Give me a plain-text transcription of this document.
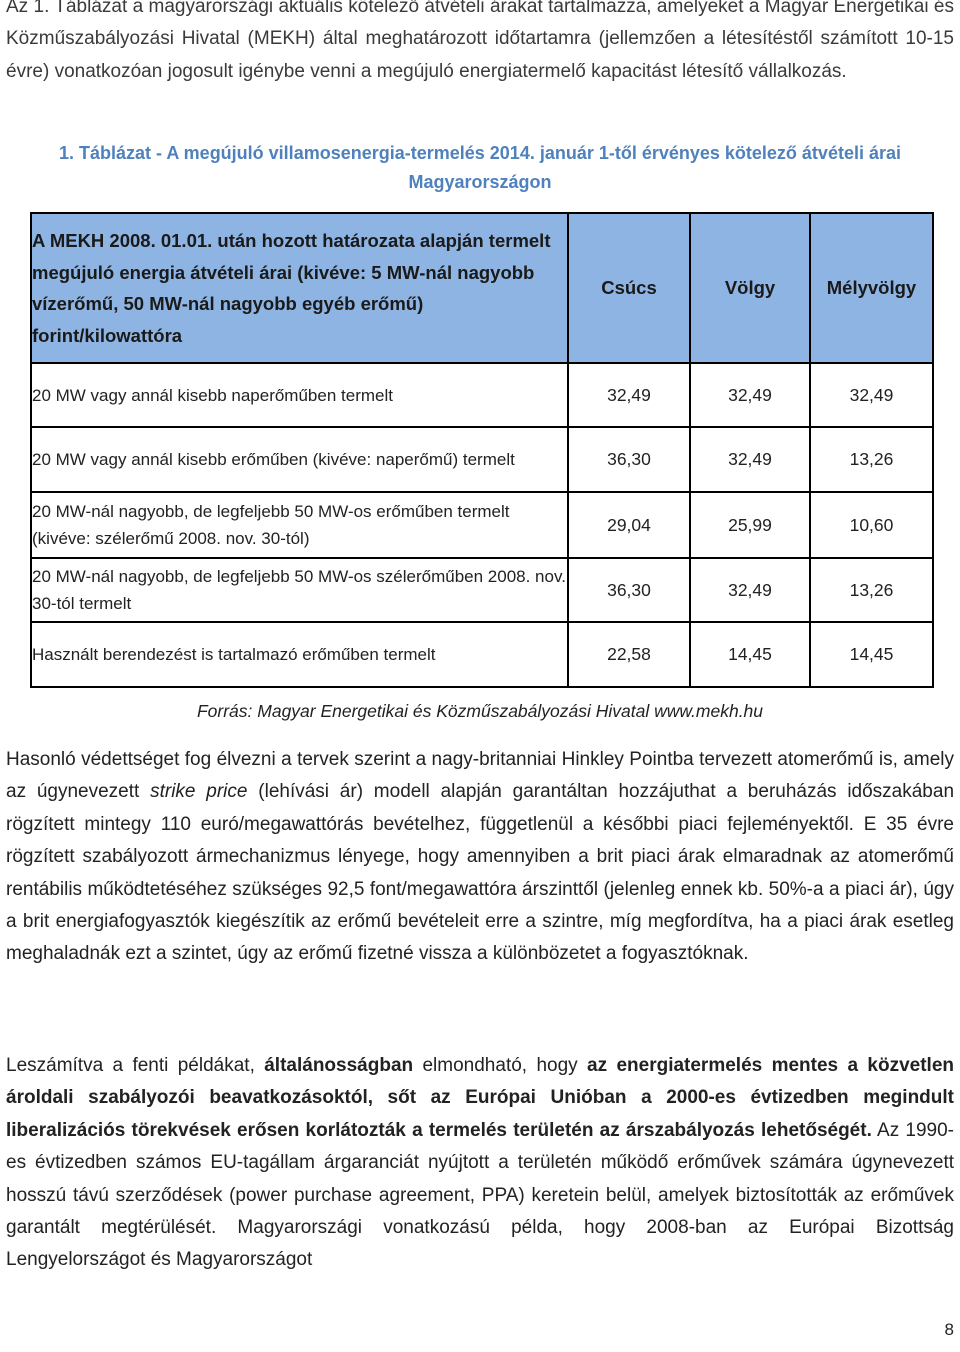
Az 1. Táblázat a magyarországi aktuális kötelező átvételi árakat tartalmazza, amelyeket a Magyar Energetikai és Közműszabályozási Hivatal (MEKH) által meghatározott időtartamra (jellemzően a létesítéstől számított 10-15 évre) vonatkozóan jogosult igénybe venni a megújuló energiatermelő kapacitást létesítő vállalkozás.

1. Táblázat - A megújuló villamosenergia-termelés 2014. január 1-től érvényes kötelező átvételi árai
Magyarországon
A MEKH 2008. 01.01. után hozott határozata alapján termelt megújuló energia átvételi árai (kivéve: 5 MW-nál nagyobb vízerőmű, 50 MW-nál nagyobb egyéb erőmű) forint/kilowattóra	Csúcs	Völgy	Mélyvölgy
20 MW vagy annál kisebb naperőműben termelt	32,49	32,49	32,49
20 MW vagy annál kisebb erőműben (kivéve: naperőmű) termelt	36,30	32,49	13,26
20 MW-nál nagyobb, de legfeljebb 50 MW-os erőműben termelt (kivéve: szélerőmű 2008. nov. 30-tól)	29,04	25,99	10,60
20 MW-nál nagyobb, de legfeljebb 50 MW-os szélerőműben 2008. nov. 30-tól termelt	36,30	32,49	13,26
Használt berendezést is tartalmazó erőműben termelt	22,58	14,45	14,45

Forrás: Magyar Energetikai és Közműszabályozási Hivatal www.mekh.hu

Hasonló védettséget fog élvezni a tervek szerint a nagy-britanniai Hinkley Pointba tervezett atomerőmű is, amely az úgynevezett strike price (lehívási ár) modell alapján garantáltan hozzájuthat a beruházás időszakában rögzített mintegy 110 euró/megawattórás bevételhez, függetlenül a későbbi piaci fejleményektől. E 35 évre rögzített szabályozott ármechanizmus lényege, hogy amennyiben a brit piaci árak elmaradnak az atomerőmű rentábilis működtetéséhez szükséges 92,5 font/megawattóra árszinttől (jelenleg ennek kb. 50%-a a piaci ár), úgy a brit energiafogyasztók kiegészítik az erőmű bevételeit erre a szintre, míg megfordítva, ha a piaci árak esetleg meghaladnák ezt a szintet, úgy az erőmű fizetné vissza a különbözetet a fogyasztóknak.

Leszámítva a fenti példákat, általánosságban elmondható, hogy az energiatermelés mentes a közvetlen ároldali szabályozói beavatkozásoktól, sőt az Európai Unióban a 2000-es évtizedben megindult liberalizációs törekvések erősen korlátozták a termelés területén az árszabályozás lehetőségét. Az 1990-es évtizedben számos EU-tagállam árgaranciát nyújtott a területén működő erőművek számára úgynevezett hosszú távú szerződések (power purchase agreement, PPA) keretein belül, amelyek biztosították az erőművek garantált megtérülését. Magyarországi vonatkozású példa, hogy 2008-ban az Európai Bizottság Lengyelországot és Magyarországot

8
